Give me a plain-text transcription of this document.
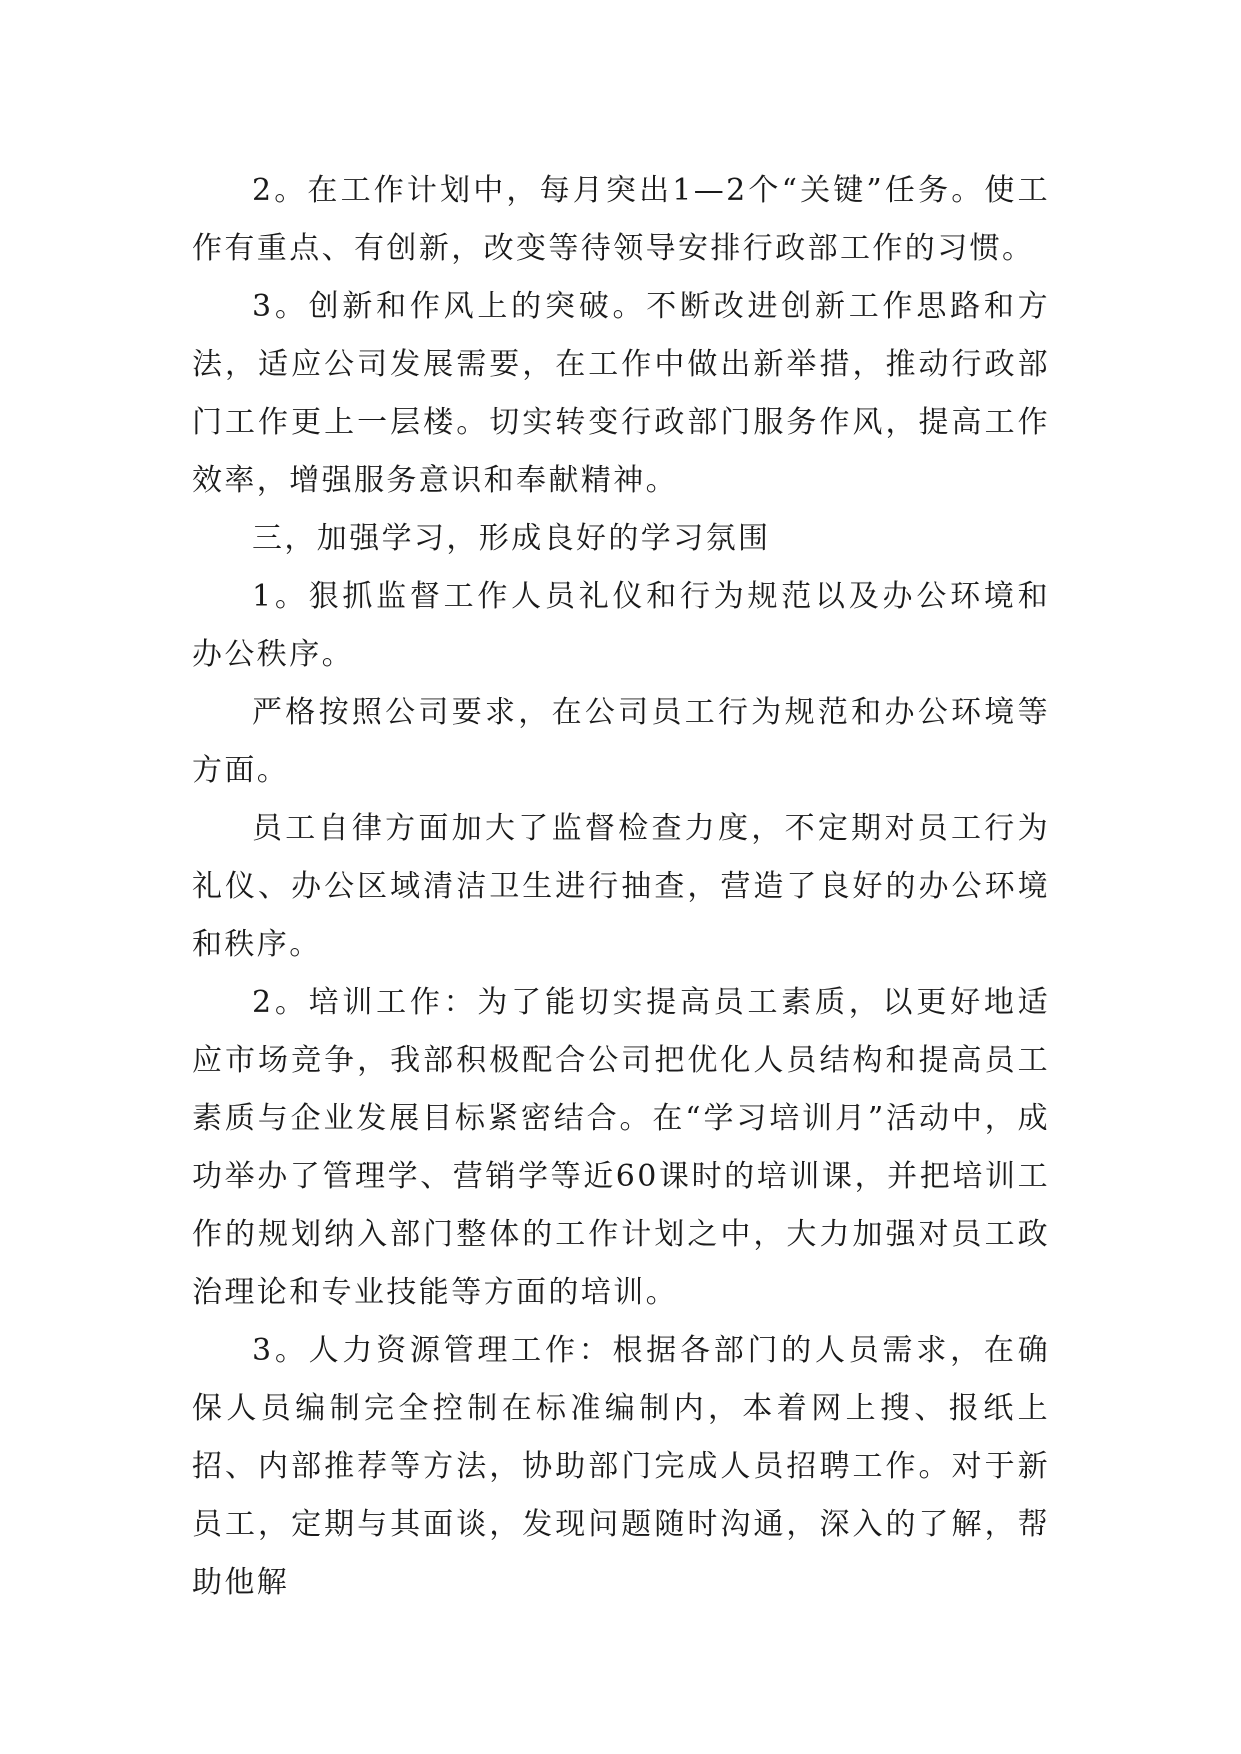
2。在工作计划中，每月突出1—2个“关键”任务。使工作有重点、有创新，改变等待领导安排行政部工作的习惯。

3。创新和作风上的突破。不断改进创新工作思路和方法，适应公司发展需要，在工作中做出新举措，推动行政部门工作更上一层楼。切实转变行政部门服务作风，提高工作效率，增强服务意识和奉献精神。

三，加强学习，形成良好的学习氛围

1。狠抓监督工作人员礼仪和行为规范以及办公环境和办公秩序。

严格按照公司要求，在公司员工行为规范和办公环境等方面。

员工自律方面加大了监督检查力度，不定期对员工行为礼仪、办公区域清洁卫生进行抽查，营造了良好的办公环境和秩序。

2。培训工作：为了能切实提高员工素质，以更好地适应市场竞争，我部积极配合公司把优化人员结构和提高员工素质与企业发展目标紧密结合。在“学习培训月”活动中，成功举办了管理学、营销学等近60课时的培训课，并把培训工作的规划纳入部门整体的工作计划之中，大力加强对员工政治理论和专业技能等方面的培训。

3。人力资源管理工作：根据各部门的人员需求，在确保人员编制完全控制在标准编制内，本着网上搜、报纸上招、内部推荐等方法，协助部门完成人员招聘工作。对于新员工，定期与其面谈，发现问题随时沟通，深入的了解，帮助他解
